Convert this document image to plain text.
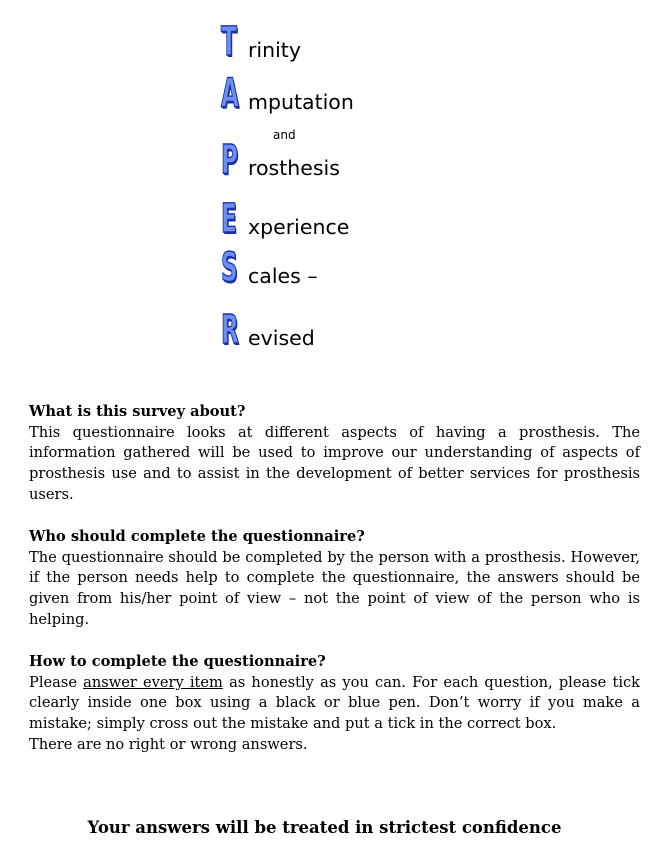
T rinity
A mputation
and
P rosthesis
E xperience
S cales –
R evised
What is this survey about?

This questionnaire looks at different aspects of having a prosthesis. The information gathered will be used to improve our understanding of aspects of prosthesis use and to assist in the development of better services for prosthesis users.

Who should complete the questionnaire?

The questionnaire should be completed by the person with a prosthesis. However, if the person needs help to complete the questionnaire, the answers should be given from his/her point of view – not the point of view of the person who is helping.

How to complete the questionnaire?

Please answer every item as honestly as you can. For each question, please tick clearly inside one box using a black or blue pen. Don’t worry if you make a mistake; simply cross out the mistake and put a tick in the correct box.

There are no right or wrong answers.

Your answers will be treated in strictest confidence
